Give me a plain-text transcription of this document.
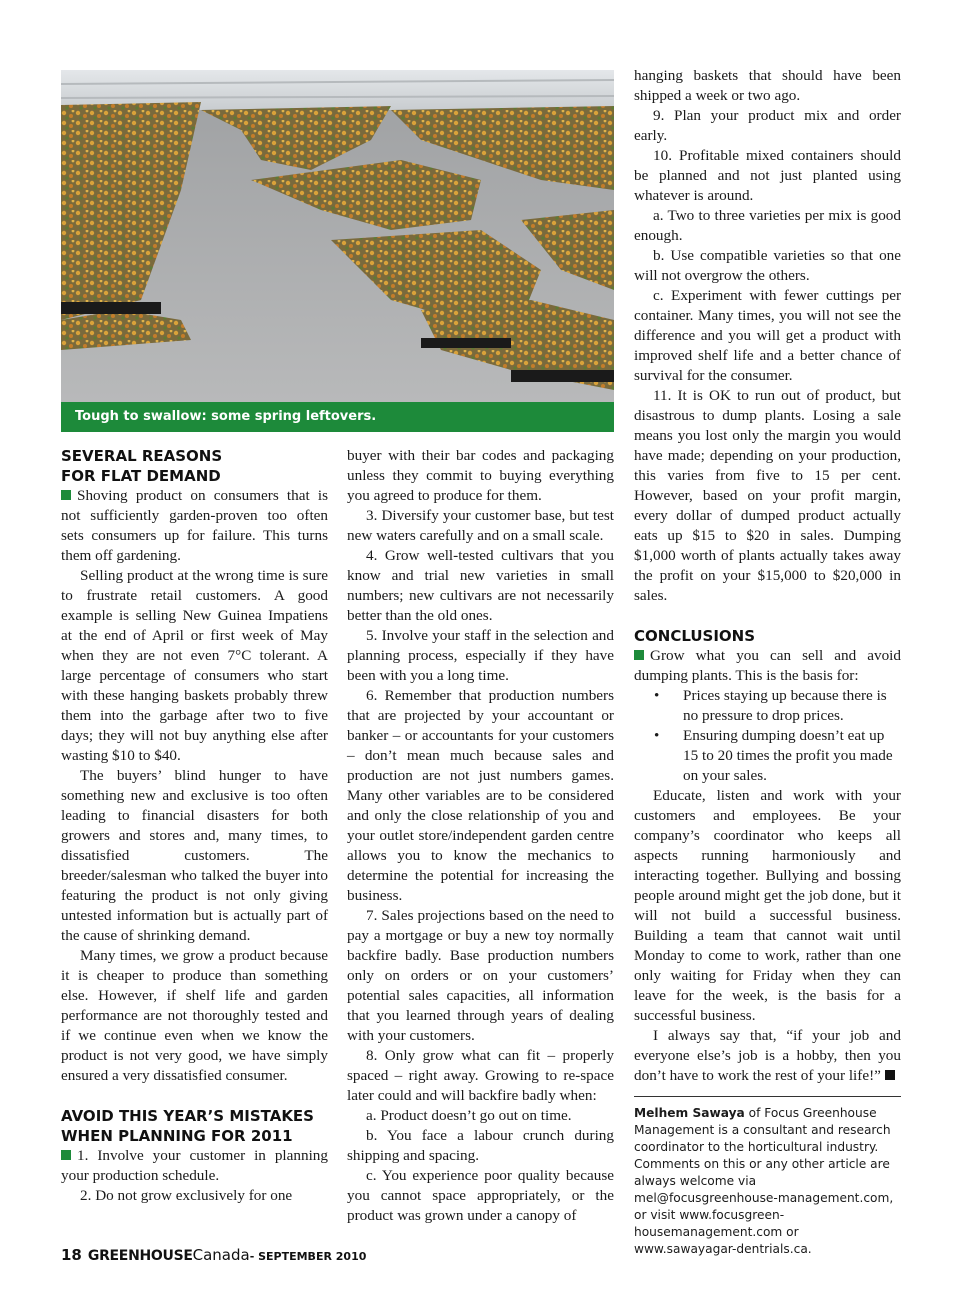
Tough to swallow: some spring leftovers.
SEVERAL REASONS
FOR FLAT DEMAND

Shoving product on consumers that is not sufficiently garden-proven too often sets consumers up for failure. This turns them off gardening.

Selling product at the wrong time is sure to frustrate retail customers. A good example is selling New Guinea Impatiens at the end of April or first week of May when they are not even 7°C tolerant. A large percentage of consumers who start with these hanging baskets probably threw them into the garbage after two to five days; they will not buy anything else after wasting $10 to $40.

The buyers’ blind hunger to have something new and exclusive is too often leading to financial disasters for both growers and stores and, many times, to dissatisfied customers. The breeder/salesman who talked the buyer into featuring the product is not only giving untested information but is actually part of the cause of shrinking demand.

Many times, we grow a product because it is cheaper to produce than something else. However, if shelf life and garden performance are not thoroughly tested and if we continue even when we know the product is not very good, we have simply ensured a very dissatisfied consumer.

AVOID THIS YEAR’S MISTAKES
WHEN PLANNING FOR 2011

1. Involve your customer in planning your production schedule.

2. Do not grow exclusively for one

buyer with their bar codes and packaging unless they commit to buying everything you agreed to produce for them.

3. Diversify your customer base, but test new waters carefully and on a small scale.

4. Grow well-tested cultivars that you know and trial new varieties in small numbers; new cultivars are not necessarily better than the old ones.

5. Involve your staff in the selection and planning process, especially if they have been with you a long time.

6. Remember that production numbers that are projected by your accountant or banker – or accountants for your customers – don’t mean much because sales and production are not just numbers games. Many other variables are to be considered and only the close relationship of you and your outlet store/independent garden centre allows you to know the mechanics to determine the potential for increasing the business.

7. Sales projections based on the need to pay a mortgage or buy a new toy normally backfire badly. Base production numbers only on orders or on your customers’ potential sales capacities, all information that you learned through years of dealing with your customers.

8. Only grow what can fit – properly spaced – right away. Growing to re-space later could and will backfire badly when:

a. Product doesn’t go out on time.

b. You face a labour crunch during shipping and spacing.

c. You experience poor quality because you cannot space appropriately, or the product was grown under a canopy of

hanging baskets that should have been shipped a week or two ago.

9. Plan your product mix and order early.

10. Profitable mixed containers should be planned and not just planted using whatever is around.

a. Two to three varieties per mix is good enough.

b. Use compatible varieties so that one will not overgrow the others.

c. Experiment with fewer cuttings per container. Many times, you will not see the difference and you will get a product with improved shelf life and a better chance of survival for the consumer.

11. It is OK to run out of product, but disastrous to dump plants. Losing a sale means you lost only the margin you would have made; depending on your production, this varies from five to 15 per cent. However, based on your profit margin, every dollar of dumped product actually eats up $15 to $20 in sales. Dumping $1,000 worth of plants actually takes away the profit on your $15,000 to $20,000 in sales.

CONCLUSIONS

Grow what you can sell and avoid dumping plants. This is the basis for:

• Prices staying up because there is no pressure to drop prices.

• Ensuring dumping doesn’t eat up 15 to 20 times the profit you made on your sales.

Educate, listen and work with your customers and employees. Be your company’s coordinator who keeps all aspects running harmoniously and interacting together. Bullying and bossing people around might get the job done, but it will not build a successful business. Building a team that cannot wait until Monday to come to work, rather than one only waiting for Friday when they can leave for the week, is the basis for a successful business.

I always say that, “if your job and everyone else’s job is a hobby, then you don’t have to work the rest of your life!”

Melhem Sawaya of Focus Greenhouse Management is a consultant and research coordinator to the horticultural industry. Comments on this or any other article are always welcome via mel@focusgreenhouse-management.com, or visit www.focusgreen-housemanagement.com or www.sawayagar-dentrials.ca.
18 GREENHOUSECanada- SEPTEMBER 2010
